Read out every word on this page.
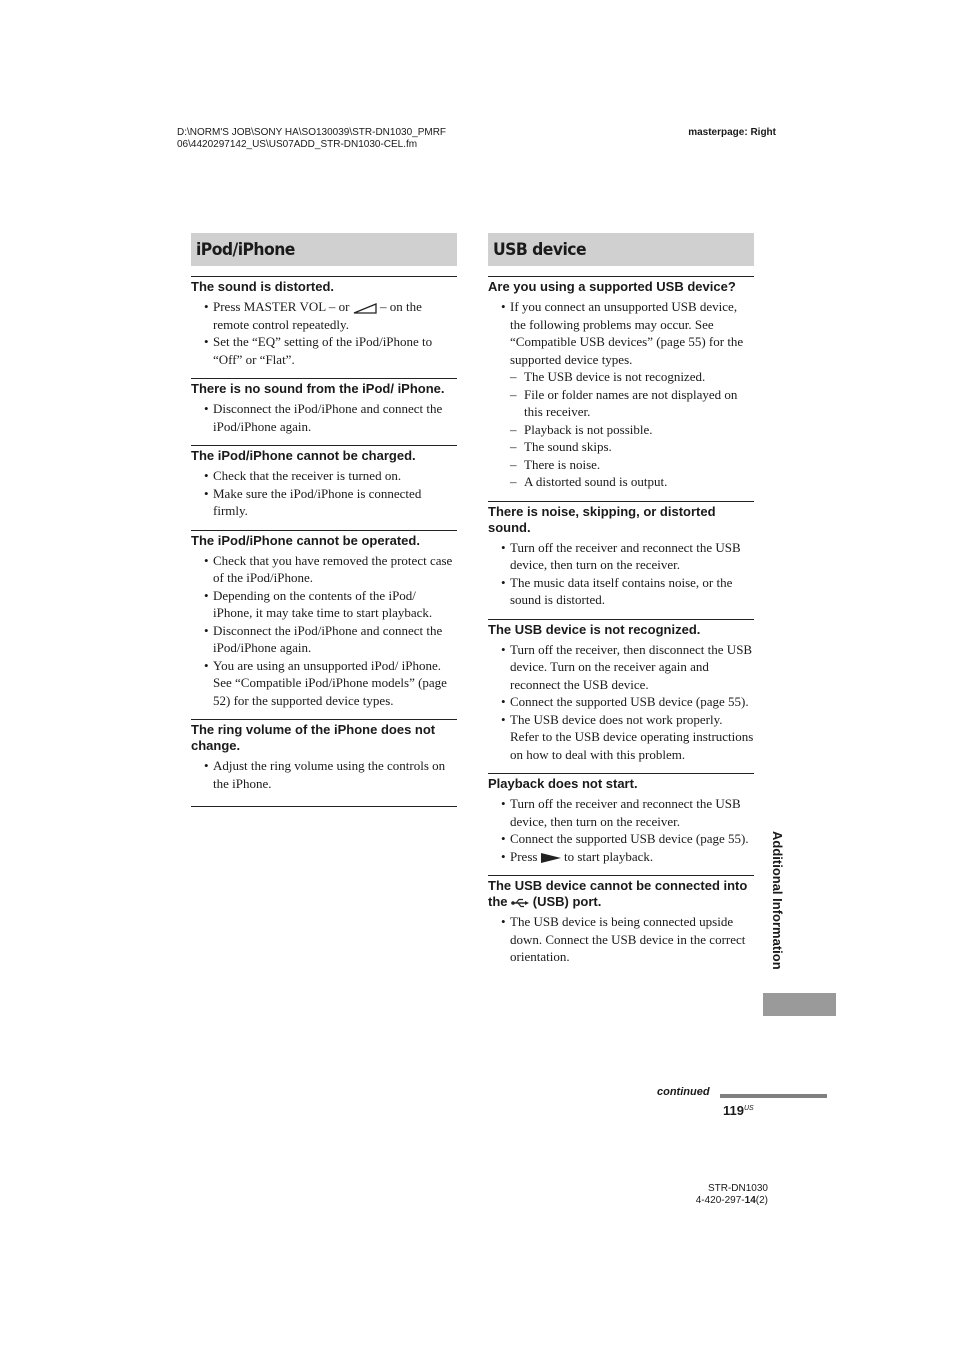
D:\NORM'S JOB\SONY HA\SO130039\STR-DN1030_PMRF
06\4420297142_US\US07ADD_STR-DN1030-CEL.fm
masterpage: Right
iPod/iPhone

The sound is distorted.

• Press MASTER VOL – or  – on the remote control repeatedly.
• Set the “EQ” setting of the iPod/iPhone to “Off” or “Flat”.

There is no sound from the iPod/ iPhone.

• Disconnect the iPod/iPhone and connect the iPod/iPhone again.

The iPod/iPhone cannot be charged.

• Check that the receiver is turned on.
• Make sure the iPod/iPhone is connected firmly.

The iPod/iPhone cannot be operated.

• Check that you have removed the protect case of the iPod/iPhone.
• Depending on the contents of the iPod/ iPhone, it may take time to start playback.
• Disconnect the iPod/iPhone and connect the iPod/iPhone again.
• You are using an unsupported iPod/ iPhone. See “Compatible iPod/iPhone models” (page 52) for the supported device types.

The ring volume of the iPhone does not change.

• Adjust the ring volume using the controls on the iPhone.
USB device

Are you using a supported USB device?

• If you connect an unsupported USB device, the following problems may occur. See “Compatible USB devices” (page 55) for the supported device types.
– The USB device is not recognized.
– File or folder names are not displayed on this receiver.
– Playback is not possible.
– The sound skips.
– There is noise.
– A distorted sound is output.

There is noise, skipping, or distorted sound.

• Turn off the receiver and reconnect the USB device, then turn on the receiver.
• The music data itself contains noise, or the sound is distorted.

The USB device is not recognized.

• Turn off the receiver, then disconnect the USB device. Turn on the receiver again and reconnect the USB device.
• Connect the supported USB device (page 55).
• The USB device does not work properly. Refer to the USB device operating instructions on how to deal with this problem.

Playback does not start.

• Turn off the receiver and reconnect the USB device, then turn on the receiver.
• Connect the supported USB device (page 55).
• Press  to start playback.

The USB device cannot be connected into the  (USB) port.

• The USB device is being connected upside down. Connect the USB device in the correct orientation.	Additional Information
continued
$119^{US}$
STR-DN1030
4-420-297-14(2)
